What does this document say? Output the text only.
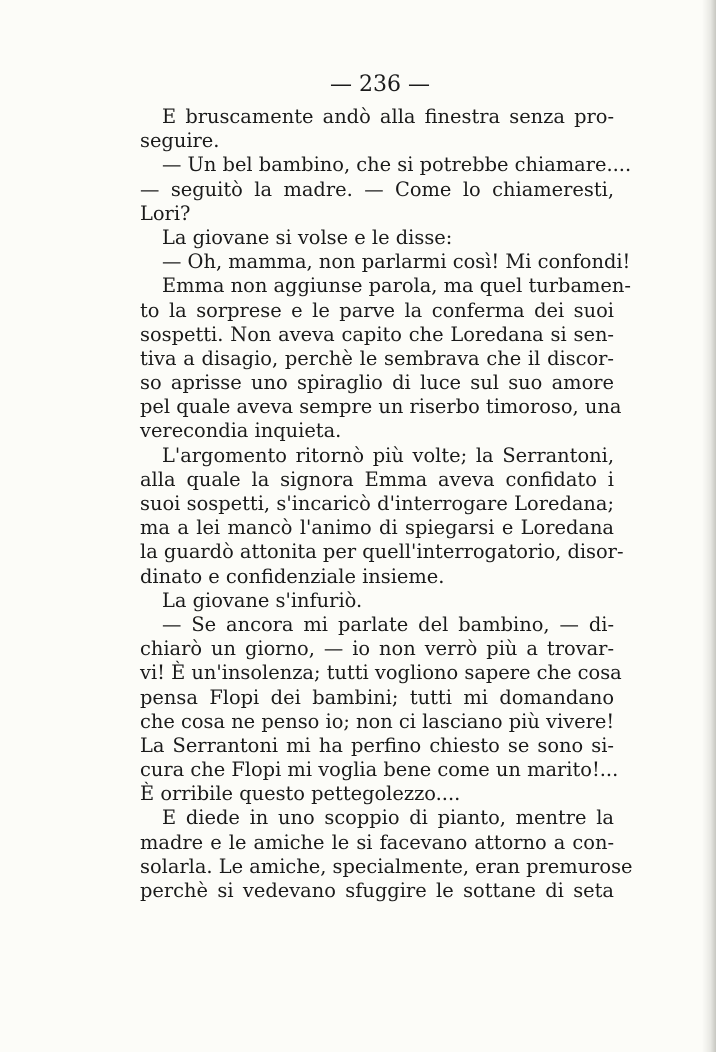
— 236 —
E bruscamente andò alla finestra senza pro-
seguire.
— Un bel bambino, che si potrebbe chiamare....
— seguitò la madre. — Come lo chiameresti,
Lori?
La giovane si volse e le disse:
— Oh, mamma, non parlarmi così! Mi confondi!
Emma non aggiunse parola, ma quel turbamen-
to la sorprese e le parve la conferma dei suoi
sospetti. Non aveva capito che Loredana si sen-
tiva a disagio, perchè le sembrava che il discor-
so aprisse uno spiraglio di luce sul suo amore
pel quale aveva sempre un riserbo timoroso, una
verecondia inquieta.
L'argomento ritornò più volte; la Serrantoni,
alla quale la signora Emma aveva confidato i
suoi sospetti, s'incaricò d'interrogare Loredana;
ma a lei mancò l'animo di spiegarsi e Loredana
la guardò attonita per quell'interrogatorio, disor-
dinato e confidenziale insieme.
La giovane s'infuriò.
— Se ancora mi parlate del bambino, — di-
chiarò un giorno, — io non verrò più a trovar-
vi! È un'insolenza; tutti vogliono sapere che cosa
pensa Flopi dei bambini; tutti mi domandano
che cosa ne penso io; non ci lasciano più vivere!
La Serrantoni mi ha perfino chiesto se sono si-
cura che Flopi mi voglia bene come un marito!...
È orribile questo pettegolezzo....
E diede in uno scoppio di pianto, mentre la
madre e le amiche le si facevano attorno a con-
solarla. Le amiche, specialmente, eran premurose
perchè si vedevano sfuggire le sottane di seta
